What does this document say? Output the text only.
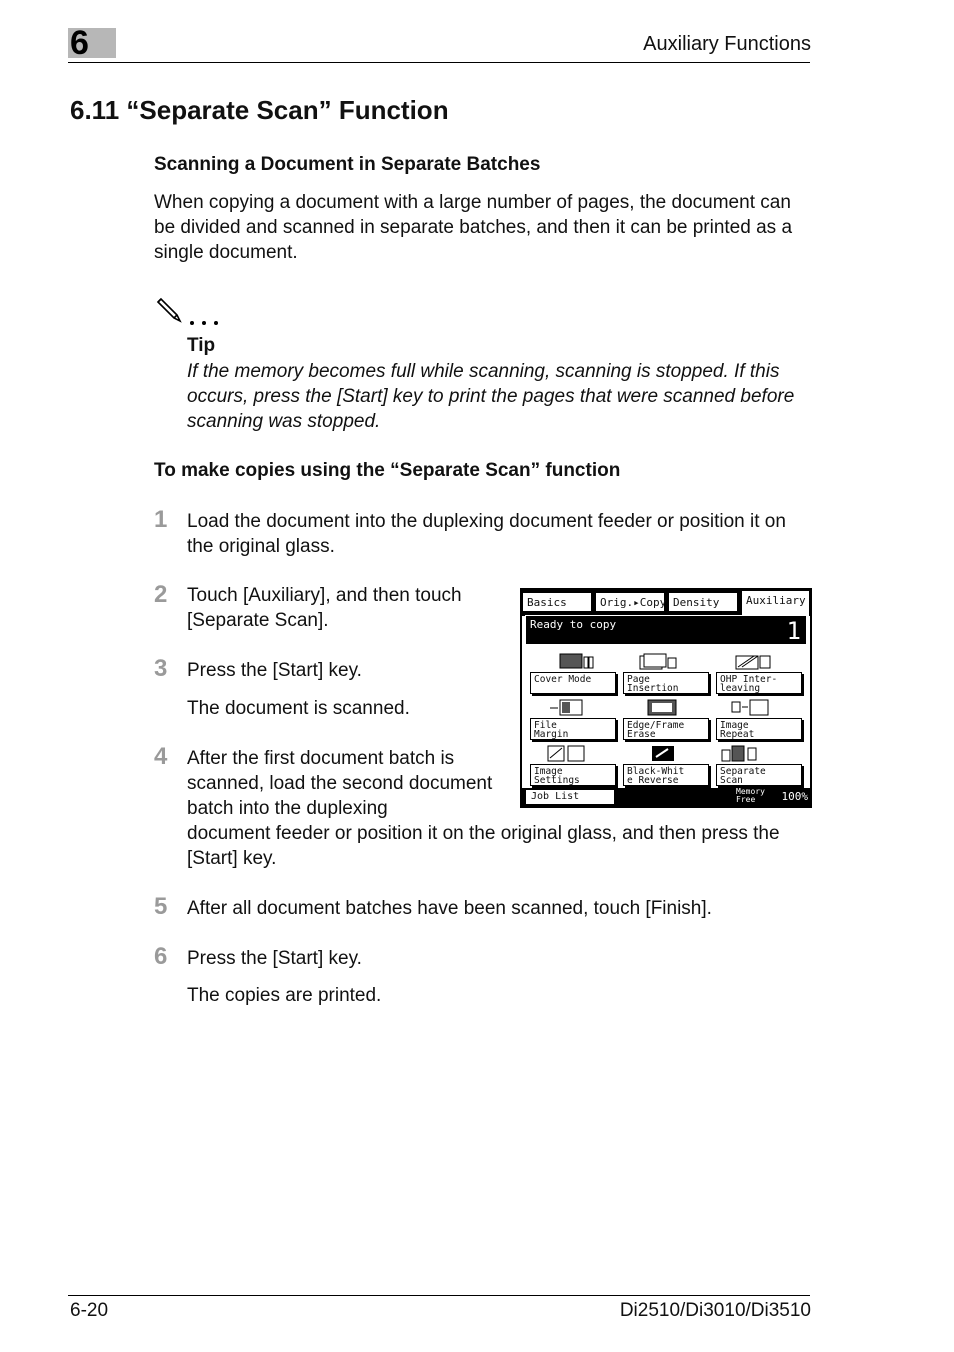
6	Auxiliary Functions
6.11 “Separate Scan” Function
Scanning a Document in Separate Batches
When copying a document with a large number of pages, the document can be divided and scanned in separate batches, and then it can be printed as a single document.
Tip
If the memory becomes full while scanning, scanning is stopped. If this occurs, press the [Start] key to print the pages that were scanned before scanning was stopped.
To make copies using the “Separate Scan” function
1 Load the document into the duplexing document feeder or position it on the original glass.
2 Touch [Auxiliary], and then touch [Separate Scan].
3 Press the [Start] key.
The document is scanned.
4 After the first document batch is scanned, load the second document batch into the duplexing
document feeder or position it on the original glass, and then press the [Start] key.
5 After all document batches have been scanned, touch [Finish].
6 Press the [Start] key.
The copies are printed.
Basics	Orig.▸Copy Density	Auxiliary
Ready to copy	1
Cover Mode	Page
Insertion
OHP Inter-
leaving
File
Margin
Edge/Frame
Erase
Image
Repeat
Image
Settings
Black-Whit
e Reverse
Separate
Scan
Job List	Memory
Free	100%
6-20	Di2510/Di3010/Di3510
